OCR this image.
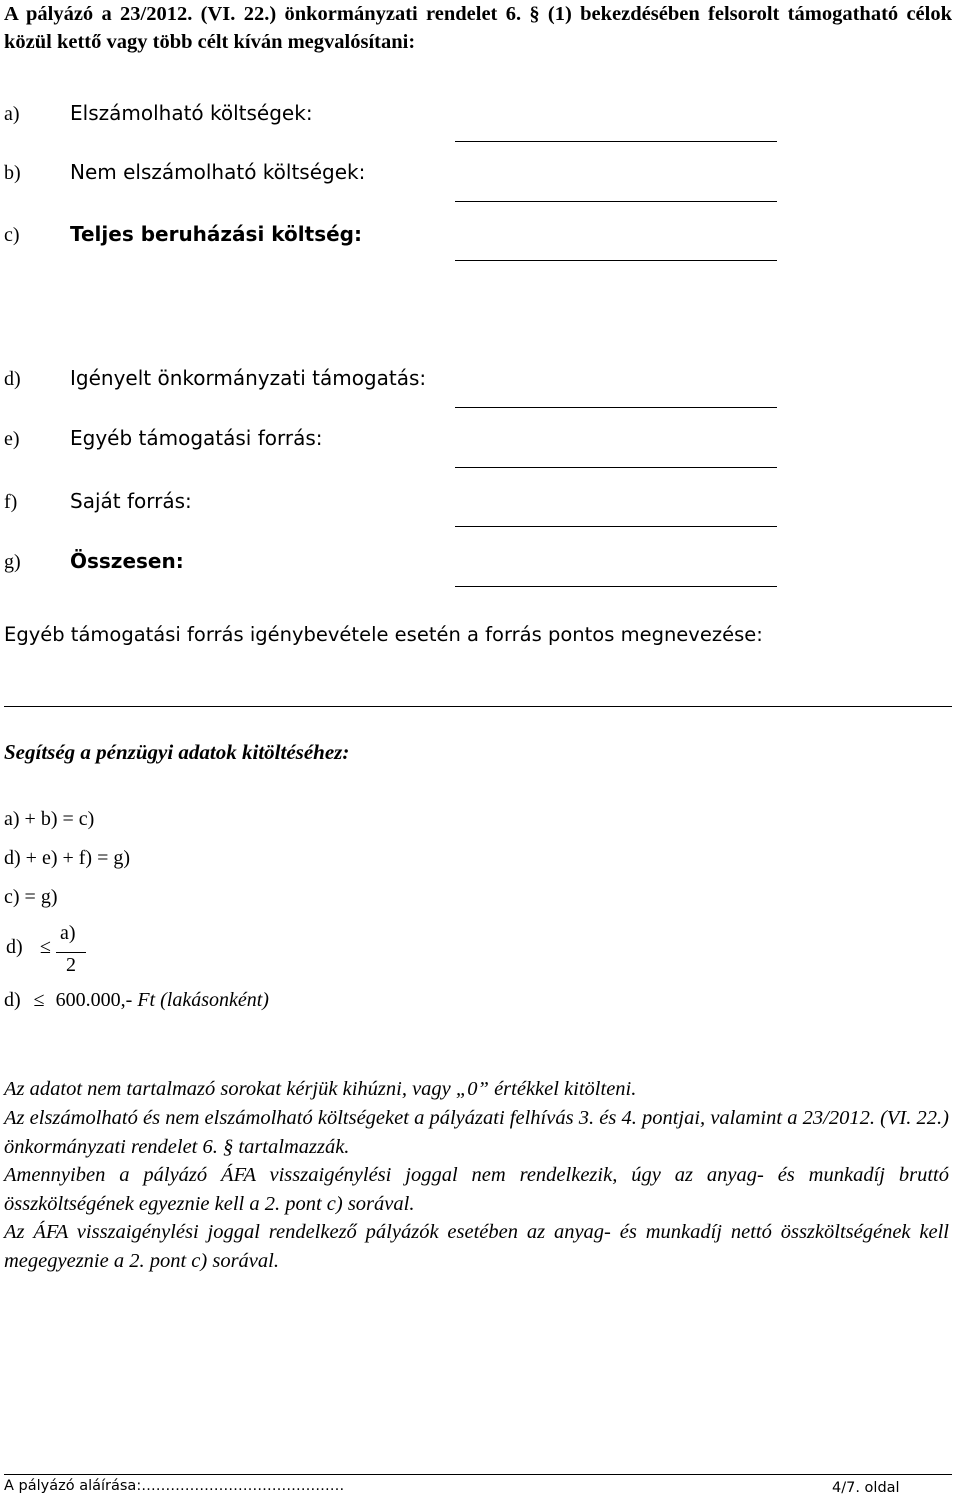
A pályázó a 23/2012. (VI. 22.) önkormányzati rendelet 6. § (1) bekezdésében felsorolt támogatható célok közül kettő vagy több célt kíván megvalósítani:
a)	Elszámolható költségek:
b) Nem elszámolható költségek:
c)	Teljes beruházási költség:
d) Igényelt önkormányzati támogatás:
e)	Egyéb támogatási forrás:
f)	Saját forrás:
g) Összesen:
Egyéb támogatási forrás igénybevétele esetén a forrás pontos megnevezése:
Segítség a pénzügyi adatok kitöltéséhez:
a) + b) = c)
d) + e) + f) = g)
c) = g)
d) ≤
a)
2
d) ≤ 600.000,- Ft (lakásonként)
Az adatot nem tartalmazó sorokat kérjük kihúzni, vagy „0” értékkel kitölteni.
Az elszámolható és nem elszámolható költségeket a pályázati felhívás 3. és 4. pontjai, valamint a 23/2012. (VI. 22.) önkormányzati rendelet 6. § tartalmazzák.
Amennyiben a pályázó ÁFA visszaigénylési joggal nem rendelkezik, úgy az anyag- és munkadíj bruttó összköltségének egyeznie kell a 2. pont c) sorával.
Az ÁFA visszaigénylési joggal rendelkező pályázók esetében az anyag- és munkadíj nettó összköltségének kell megegyeznie a 2. pont c) sorával.
A pályázó aláírása:……………………………………	4/7. oldal
